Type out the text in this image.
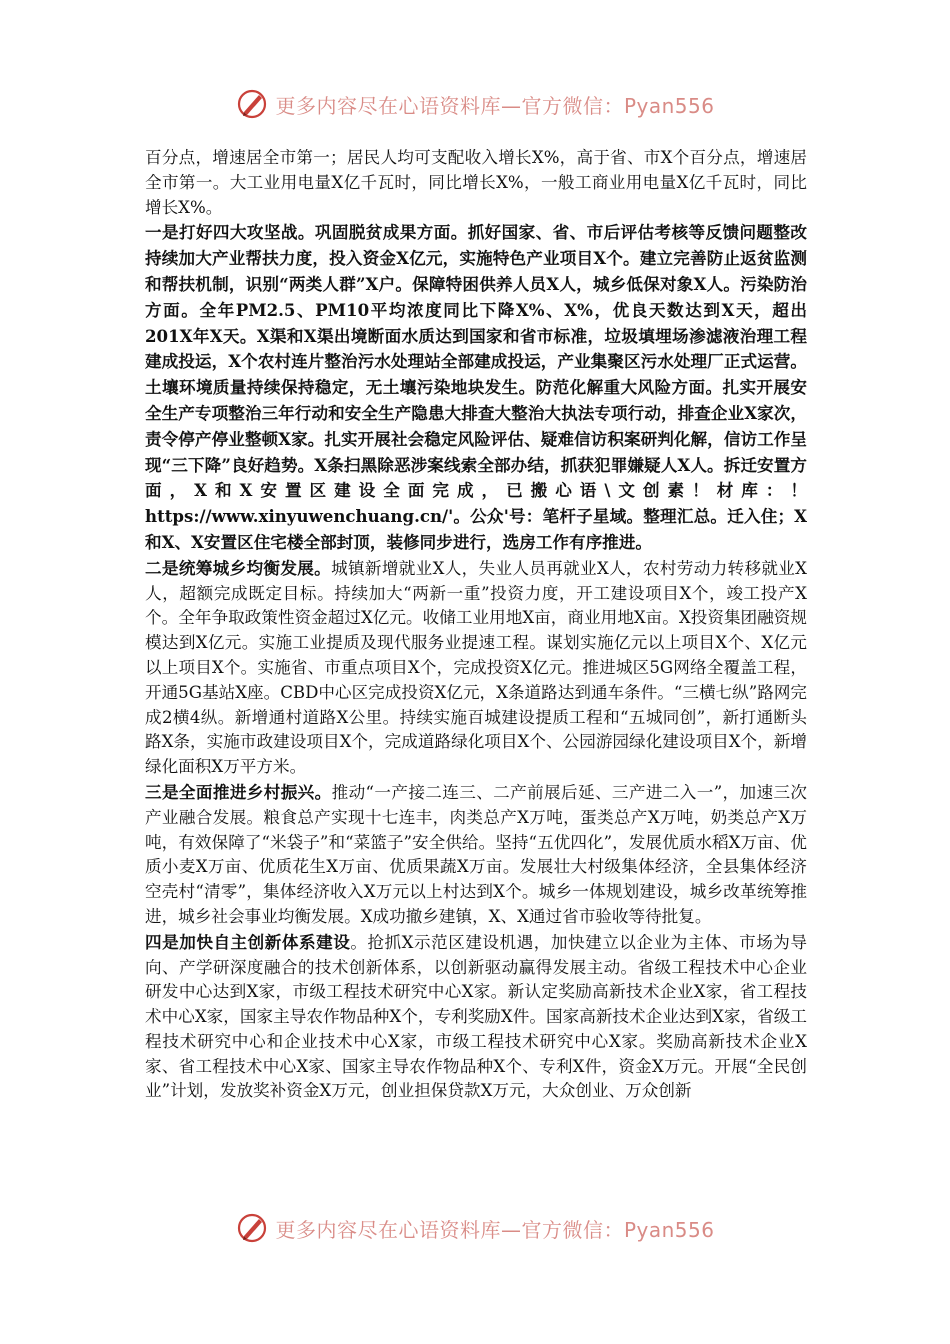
更多内容尽在心语资料库—官方微信：Pyan556

百分点，增速居全市第一；居民人均可支配收入增长X%，高于省、市X个百分点，增速居全市第一。大工业用电量X亿千瓦时，同比增长X%，一般工商业用电量X亿千瓦时，同比增长X%。

一是打好四大攻坚战。巩固脱贫成果方面。抓好国家、省、市后评估考核等反馈问题整改持续加大产业帮扶力度，投入资金X亿元，实施特色产业项目X个。建立完善防止返贫监测和帮扶机制，识别“两类人群”X户。保障特困供养人员X人，城乡低保对象X人。污染防治方面。全年PM2.5、PM10平均浓度同比下降X%、X%，优良天数达到X天，超出201X年X天。X渠和X渠出境断面水质达到国家和省市标准，垃圾填埋场渗滤液治理工程建成投运，X个农村连片整治污水处理站全部建成投运，产业集聚区污水处理厂正式运营。土壤环境质量持续保持稳定，无土壤污染地块发生。防范化解重大风险方面。扎实开展安全生产专项整治三年行动和安全生产隐患大排查大整治大执法专项行动，排查企业X家次，责令停产停业整顿X家。扎实开展社会稳定风险评估、疑难信访积案研判化解，信访工作呈现“三下降”良好趋势。X条扫黑除恶涉案线索全部办结，抓获犯罪嫌疑人X人。拆迁安置方面，X和X安置区建设全面完成，已搬心语\文创素！材库：！https://www.xinyuwenchuang.cn/'。公众'号：笔杆子星域。整理汇总。迁入住；X和X、X安置区住宅楼全部封顶，装修同步进行，选房工作有序推进。

二是统筹城乡均衡发展。城镇新增就业X人，失业人员再就业X人，农村劳动力转移就业X人，超额完成既定目标。持续加大“两新一重”投资力度，开工建设项目X个，竣工投产X个。全年争取政策性资金超过X亿元。收储工业用地X亩，商业用地X亩。X投资集团融资规模达到X亿元。实施工业提质及现代服务业提速工程。谋划实施亿元以上项目X个、X亿元以上项目X个。实施省、市重点项目X个，完成投资X亿元。推进城区5G网络全覆盖工程，开通5G基站X座。CBD中心区完成投资X亿元，X条道路达到通车条件。“三横七纵”路网完成2横4纵。新增通村道路X公里。持续实施百城建设提质工程和“五城同创”，新打通断头路X条，实施市政建设项目X个，完成道路绿化项目X个、公园游园绿化建设项目X个，新增绿化面积X万平方米。

三是全面推进乡村振兴。推动“一产接二连三、二产前展后延、三产进二入一”，加速三次产业融合发展。粮食总产实现十七连丰，肉类总产X万吨，蛋类总产X万吨，奶类总产X万吨，有效保障了“米袋子”和“菜篮子”安全供给。坚持“五优四化”，发展优质水稻X万亩、优质小麦X万亩、优质花生X万亩、优质果蔬X万亩。发展壮大村级集体经济，全县集体经济空壳村“清零”，集体经济收入X万元以上村达到X个。城乡一体规划建设，城乡改革统筹推进，城乡社会事业均衡发展。X成功撤乡建镇，X、X通过省市验收等待批复。

四是加快自主创新体系建设。抢抓X示范区建设机遇，加快建立以企业为主体、市场为导向、产学研深度融合的技术创新体系，以创新驱动赢得发展主动。省级工程技术中心企业研发中心达到X家，市级工程技术研究中心X家。新认定奖励高新技术企业X家，省工程技术中心X家，国家主导农作物品种X个，专利奖励X件。国家高新技术企业达到X家，省级工程技术研究中心和企业技术中心X家，市级工程技术研究中心X家。奖励高新技术企业X家、省工程技术中心X家、国家主导农作物品种X个、专利X件，资金X万元。开展“全民创业”计划，发放奖补资金X万元，创业担保贷款X万元，大众创业、万众创新

更多内容尽在心语资料库—官方微信：Pyan556
